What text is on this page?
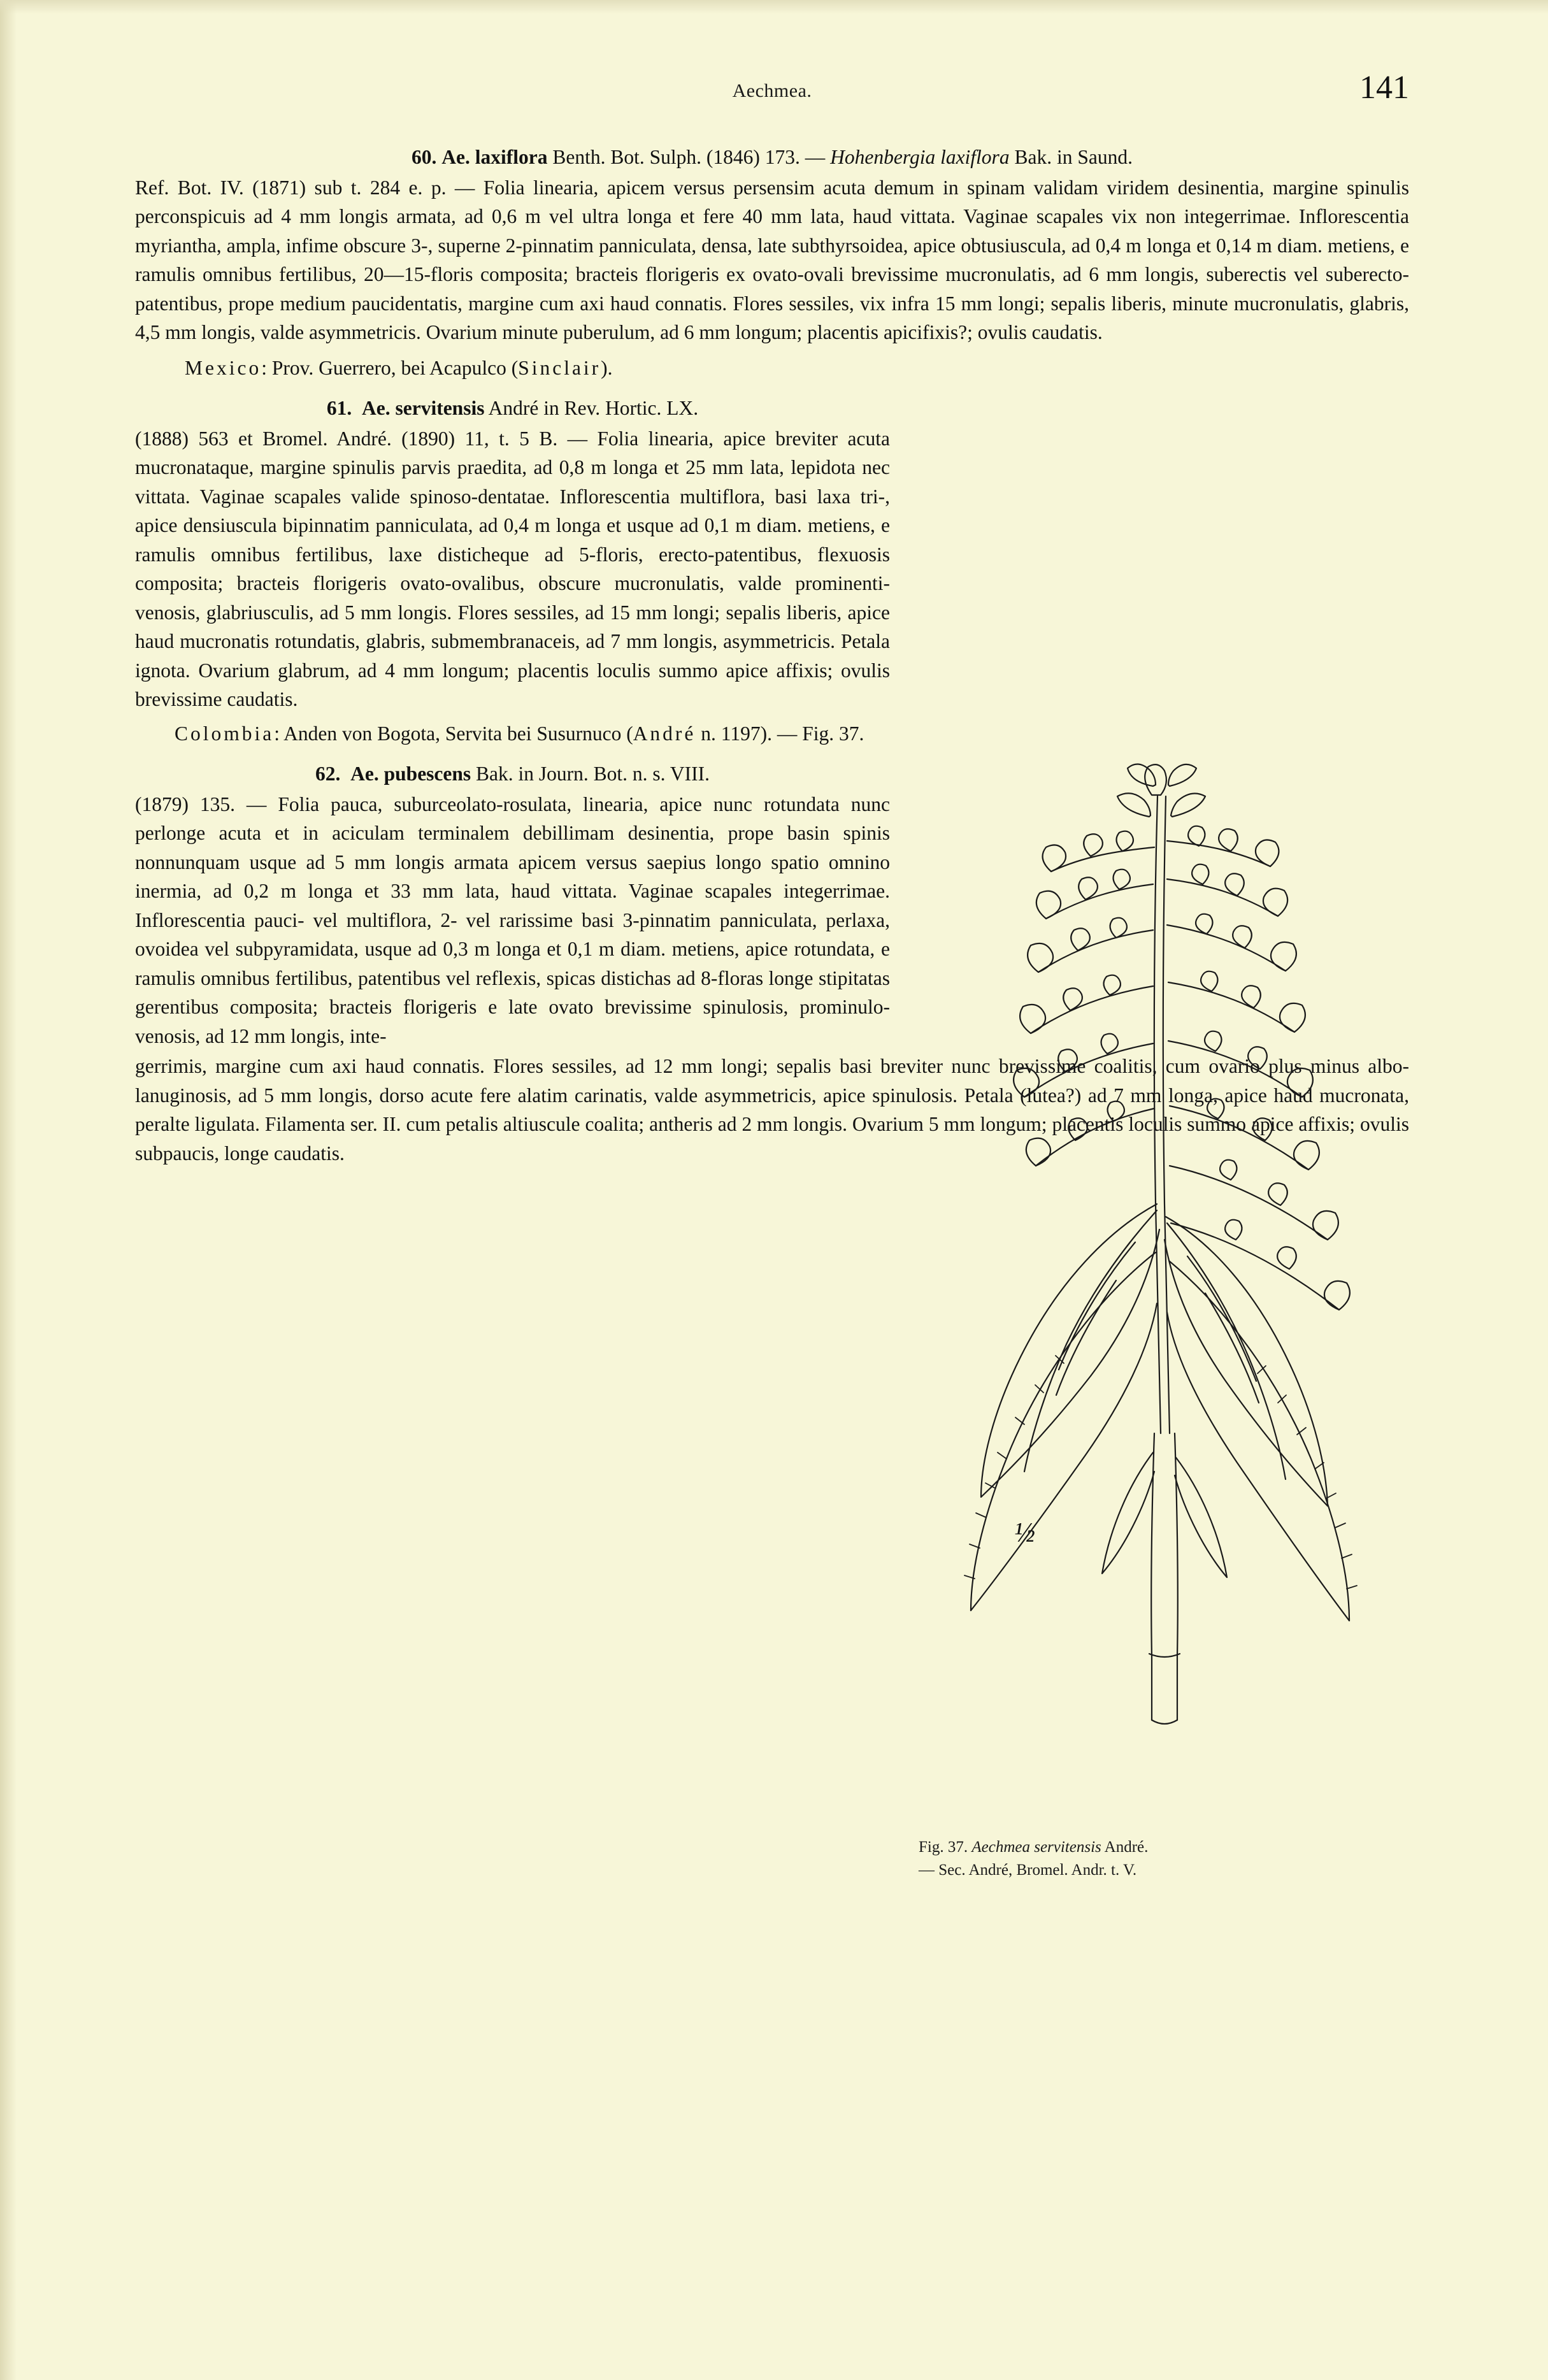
Aechmea.	141

60. Ae. laxiflora Benth. Bot. Sulph. (1846) 173. — Hohenbergia laxiflora Bak. in Saund.

Ref. Bot. IV. (1871) sub t. 284 e. p. — Folia linearia, apicem versus persensim acuta demum in spinam validam viridem desinentia, margine spinulis perconspicuis ad 4 mm longis armata, ad 0,6 m vel ultra longa et fere 40 mm lata, haud vittata. Vaginae scapales vix non integerrimae. Inflorescentia myriantha, ampla, infime obscure 3-, superne 2-pinnatim panniculata, densa, late subthyrsoidea, apice obtusiuscula, ad 0,4 m longa et 0,14 m diam. metiens, e ramulis omnibus fertilibus, 20—15-floris composita; bracteis florigeris ex ovato-ovali brevissime mucronulatis, ad 6 mm longis, suberectis vel suberecto-patentibus, prope medium paucidentatis, margine cum axi haud connatis. Flores sessiles, vix infra 15 mm longi; sepalis liberis, minute mucronulatis, glabris, 4,5 mm longis, valde asymmetricis. Ovarium minute puberulum, ad 6 mm longum; placentis apicifixis?; ovulis caudatis.

Mexico: Prov. Guerrero, bei Acapulco (Sinclair).

61. Ae. servitensis André in Rev. Hortic. LX.

(1888) 563 et Bromel. André. (1890) 11, t. 5 B. — Folia linearia, apice breviter acuta mucronataque, margine spinulis parvis praedita, ad 0,8 m longa et 25 mm lata, lepidota nec vittata. Vaginae scapales valide spinoso-dentatae. Inflorescentia multiflora, basi laxa tri-, apice densiuscula bipinnatim panniculata, ad 0,4 m longa et usque ad 0,1 m diam. metiens, e ramulis omnibus fertilibus, laxe disticheque ad 5-floris, erecto-patentibus, flexuosis composita; bracteis florigeris ovato-ovalibus, obscure mucronulatis, valde prominenti-venosis, glabriusculis, ad 5 mm longis. Flores sessiles, ad 15 mm longi; sepalis liberis, apice haud mucronatis rotundatis, glabris, submembranaceis, ad 7 mm longis, asymmetricis. Petala ignota. Ovarium glabrum, ad 4 mm longum; placentis loculis summo apice affixis; ovulis brevissime caudatis.

Colombia: Anden von Bogota, Servita bei Susurnuco (André n. 1197). — Fig. 37.

62. Ae. pubescens Bak. in Journ. Bot. n. s. VIII.

(1879) 135. — Folia pauca, suburceolato-rosulata, linearia, apice nunc rotundata nunc perlonge acuta et in aciculam terminalem debillimam desinentia, prope basin spinis nonnunquam usque ad 5 mm longis armata apicem versus saepius longo spatio omnino inermia, ad 0,2 m longa et 33 mm lata, haud vittata. Vaginae scapales integerrimae. Inflorescentia pauci- vel multiflora, 2- vel rarissime basi 3-pinnatim panniculata, perlaxa, ovoidea vel subpyramidata, usque ad 0,3 m longa et 0,1 m diam. metiens, apice rotundata, e ramulis omnibus fertilibus, patentibus vel reflexis, spicas distichas ad 8-floras longe stipitatas gerentibus composita; bracteis florigeris e late ovato brevissime spinulosis, prominulo-venosis, ad 12 mm longis, inte-

gerrimis, margine cum axi haud connatis. Flores sessiles, ad 12 mm longi; sepalis basi breviter nunc brevissime coalitis, cum ovario plus minus albo-lanuginosis, ad 5 mm longis, dorso acute fere alatim carinatis, valde asymmetricis, apice spinulosis. Petala (lutea?) ad 7 mm longa, apice haud mucronata, peralte ligulata. Filamenta ser. II. cum petalis altiuscule coalita; antheris ad 2 mm longis. Ovarium 5 mm longum; placentis loculis summo apice affixis; ovulis subpaucis, longe caudatis.

½
Fig. 37. Aechmea servitensis André.
— Sec. André, Bromel. Andr. t. V.
